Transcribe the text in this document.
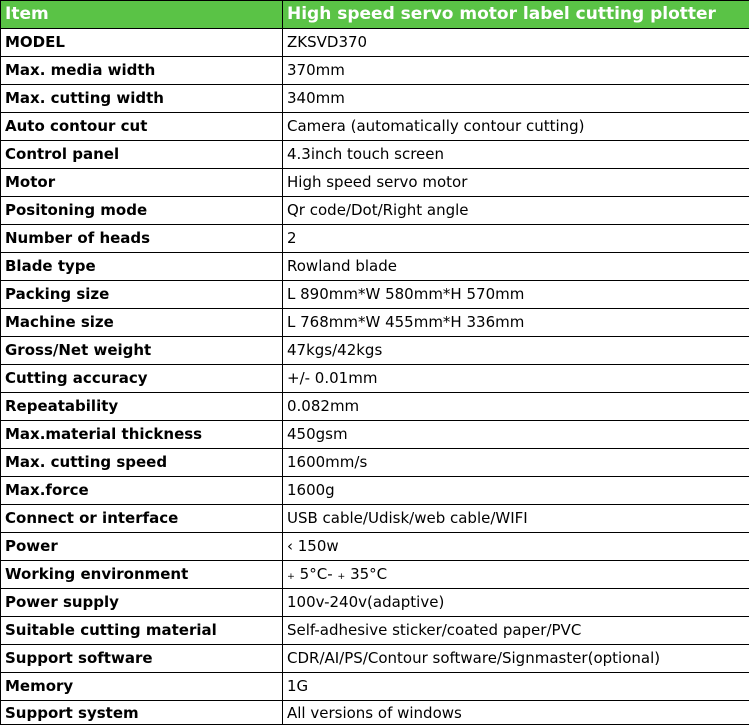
Item	High speed servo motor label cutting plotter
MODEL	ZKSVD370
Max. media width	370mm
Max. cutting width	340mm
Auto contour cut	Camera (automatically contour cutting)
Control panel	4.3inch touch screen
Motor	High speed servo motor
Positoning mode	Qr code/Dot/Right angle
Number of heads	2
Blade type	Rowland blade
Packing size	L 890mm*W 580mm*H 570mm
Machine size	L 768mm*W 455mm*H 336mm
Gross/Net weight	47kgs/42kgs
Cutting accuracy	+/- 0.01mm
Repeatability	0.082mm
Max.material thickness	450gsm
Max. cutting speed	1600mm/s
Max.force	1600g
Connect or interface	USB cable/Udisk/web cable/WIFI
Power	‹ 150w
Working environment	₊ 5°C- ₊ 35°C
Power supply	100v-240v(adaptive)
Suitable cutting material	Self-adhesive sticker/coated paper/PVC
Support software	CDR/AI/PS/Contour software/Signmaster(optional)
Memory	1G
Support system	All versions of windows
